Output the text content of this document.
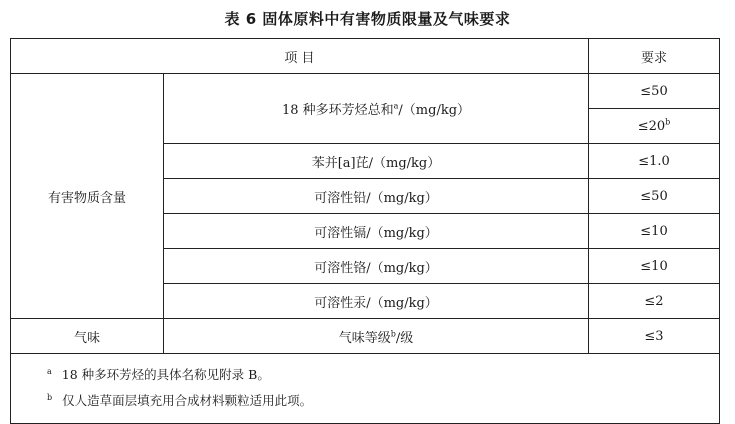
表 6 固体原料中有害物质限量及气味要求
项 目		要求
有害物质含量	18 种多环芳烃总和$^a$/（mg/kg）	≤50
		$\le 20^b$
	苯并[a]芘/（mg/kg）	≤1.0
	可溶性铅/（mg/kg）	≤50
	可溶性镉/（mg/kg）	≤10
	可溶性铬/（mg/kg）	≤10
	可溶性汞/（mg/kg）	≤2
气味	气味等级$^b$/级	≤3

$^a$ 18 种多环芳烃的具体名称见附录 B。
$^b$ 仅人造草面层填充用合成材料颗粒适用此项。		
